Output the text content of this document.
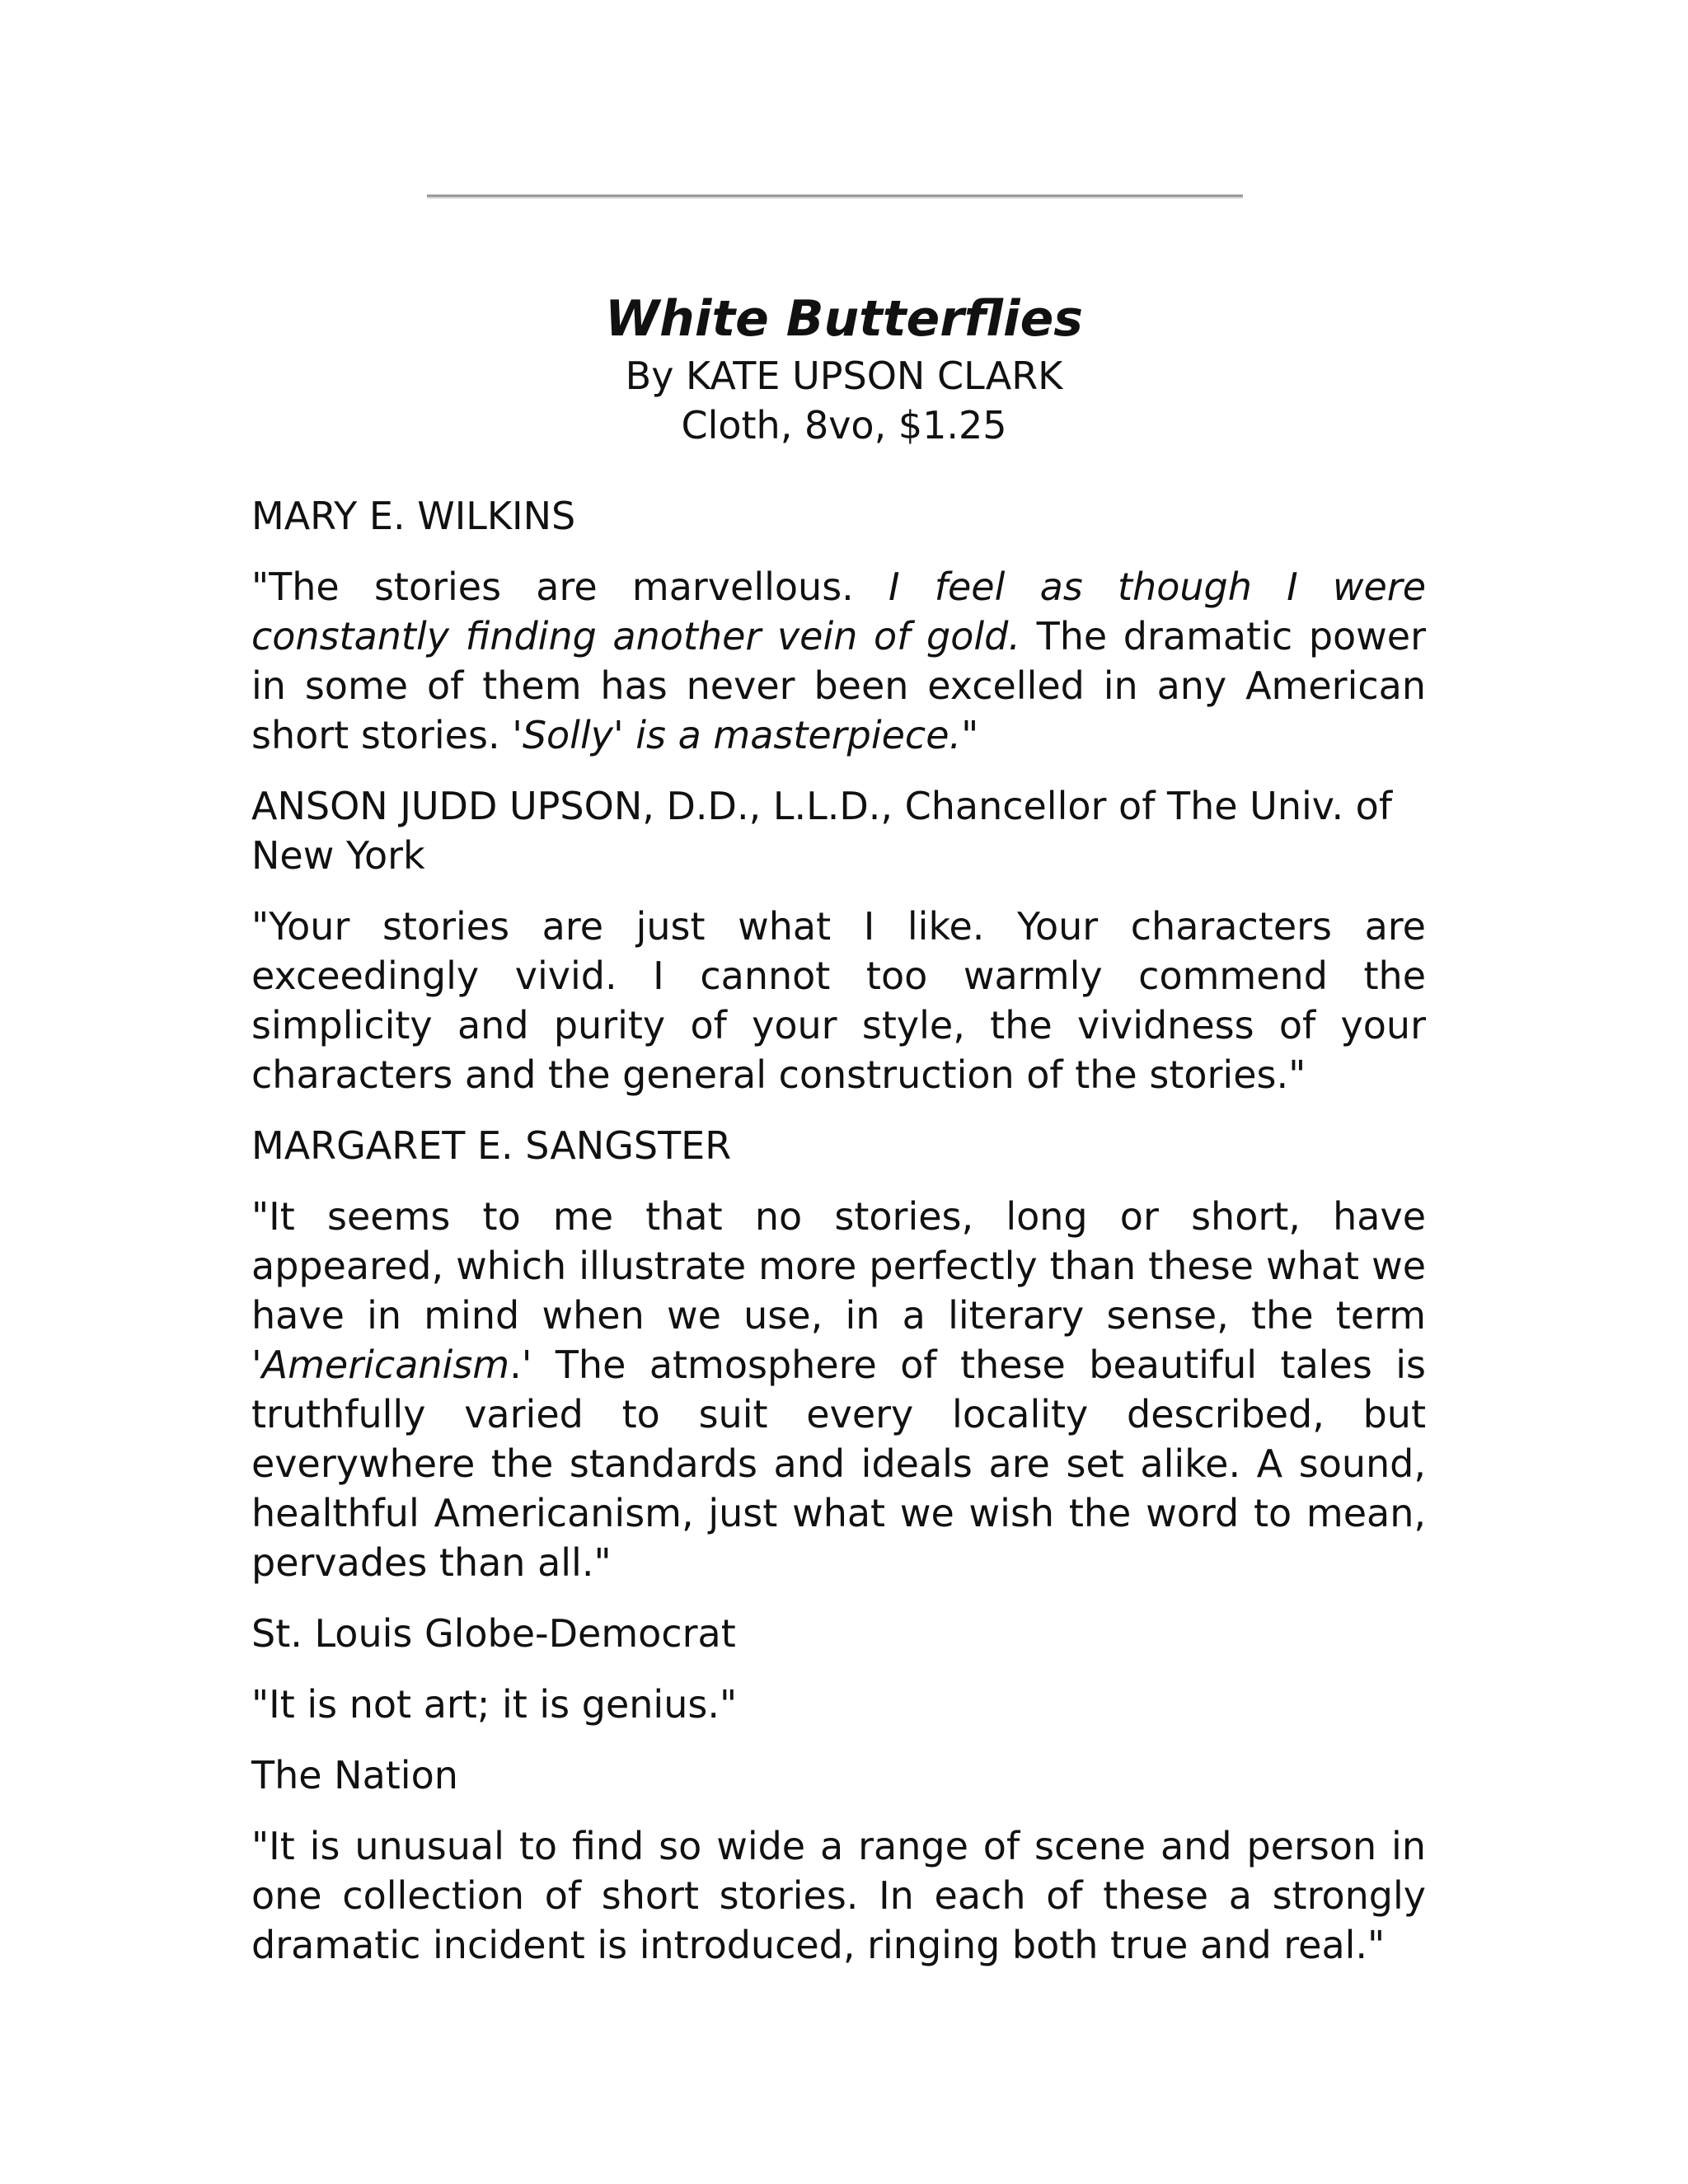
White Butterflies

By KATE UPSON CLARK

Cloth, 8vo, $1.25

MARY E. WILKINS

"The stories are marvellous. I feel as though I were constantly finding another vein of gold. The dramatic power in some of them has never been excelled in any American short stories. 'Solly' is a masterpiece."

ANSON JUDD UPSON, D.D., L.L.D., Chancellor of The Univ. of New York

"Your stories are just what I like. Your characters are exceedingly vivid. I cannot too warmly commend the simplicity and purity of your style, the vividness of your characters and the general construction of the stories."

MARGARET E. SANGSTER

"It seems to me that no stories, long or short, have appeared, which illustrate more perfectly than these what we have in mind when we use, in a literary sense, the term 'Americanism.' The atmosphere of these beautiful tales is truthfully varied to suit every locality described, but everywhere the standards and ideals are set alike. A sound, healthful Americanism, just what we wish the word to mean, pervades than all."

St. Louis Globe-Democrat

"It is not art; it is genius."

The Nation

"It is unusual to find so wide a range of scene and person in one collection of short stories. In each of these a strongly dramatic incident is introduced, ringing both true and real."
